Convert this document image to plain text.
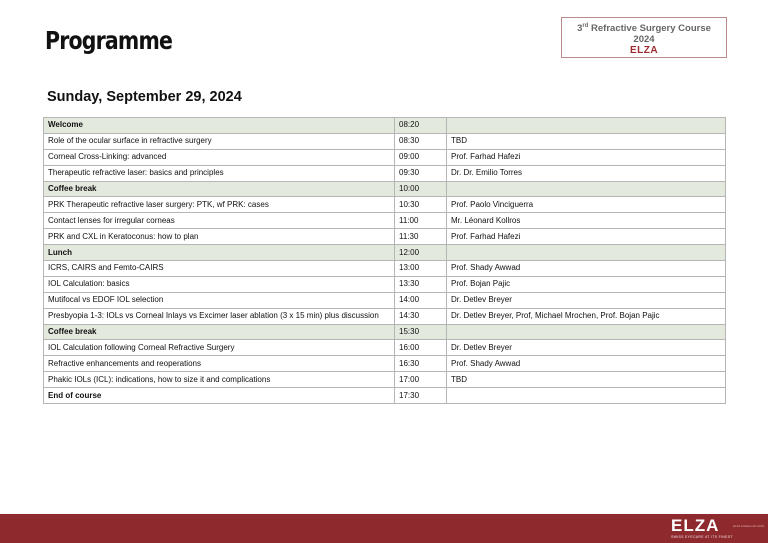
Programme	3rd Refractive Surgery Course
2024
ELZA
Sunday, September 29, 2024
Welcome	08:20	
Role of the ocular surface in refractive surgery	08:30	TBD
Corneal Cross-Linking: advanced	09:00	Prof. Farhad Hafezi
Therapeutic refractive laser: basics and principles	09:30	Dr. Dr. Emilio Torres
Coffee break	10:00	
PRK Therapeutic refractive laser surgery: PTK, wf PRK: cases	10:30	Prof. Paolo Vinciguerra
Contact lenses for irregular corneas	11:00	Mr. Léonard Kollros
PRK and CXL in Keratoconus: how to plan	11:30	Prof. Farhad Hafezi
Lunch	12:00	
ICRS, CAIRS and Femto-CAIRS	13:00	Prof. Shady Awwad
IOL Calculation: basics	13:30	Prof. Bojan Pajic
Mutifocal vs EDOF IOL selection	14:00	Dr. Detlev Breyer
Presbyopia 1-3: IOLs vs Corneal Inlays vs Excimer laser ablation (3 x 15 min) plus discussion	14:30	Dr. Detlev Breyer, Prof, Michael Mrochen, Prof. Bojan Pajic
Coffee break	15:30	
IOL Calculation following Corneal Refractive Surgery	16:00	Dr. Detlev Breyer
Refractive enhancements and reoperations	16:30	Prof. Shady Awwad
Phakic IOLs (ICL): indications, how to size it and complications	17:00	TBD
End of course	17:30	
ELZA
SWISS EYECARE AT ITS FINEST
ELZA Institute AG 2024
